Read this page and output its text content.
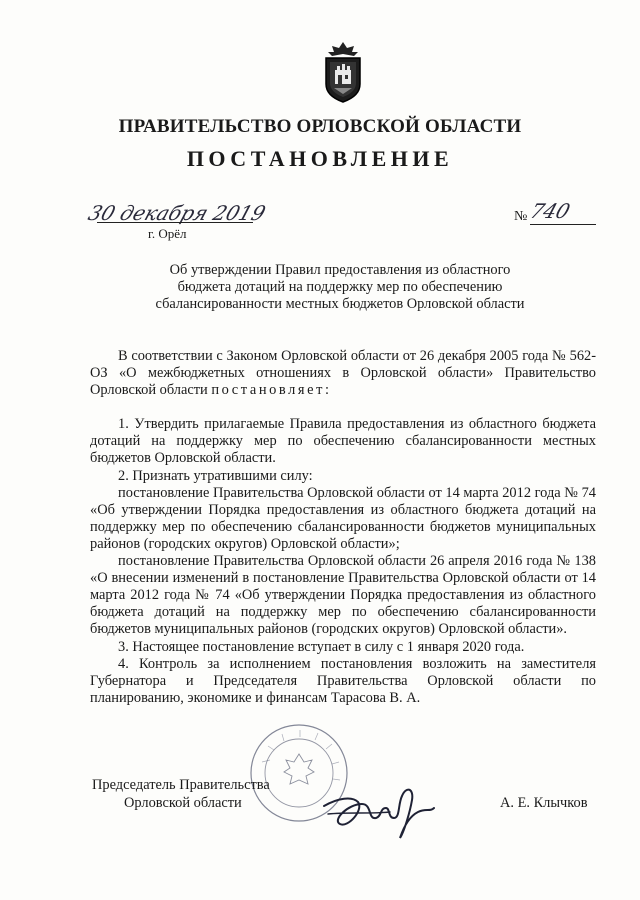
ПРАВИТЕЛЬСТВО ОРЛОВСКОЙ ОБЛАСТИ
ПОСТАНОВЛЕНИЕ
30 декабря 2019
г. Орёл
№ 740
Об утверждении Правил предоставления из областного
бюджета дотаций на поддержку мер по обеспечению
сбалансированности местных бюджетов Орловской области

В соответствии с Законом Орловской области от 26 декабря 2005 года № 562-ОЗ «О межбюджетных отношениях в Орловской области» Правительство Орловской области постановляет:

1. Утвердить прилагаемые Правила предоставления из областного бюджета дотаций на поддержку мер по обеспечению сбалансированности местных бюджетов Орловской области.

2. Признать утратившими силу:

постановление Правительства Орловской области от 14 марта 2012 года № 74 «Об утверждении Порядка предоставления из областного бюджета дотаций на поддержку мер по обеспечению сбалансированности бюджетов муниципальных районов (городских округов) Орловской области»;

постановление Правительства Орловской области 26 апреля 2016 года № 138 «О внесении изменений в постановление Правительства Орловской области от 14 марта 2012 года № 74 «Об утверждении Порядка предоставления из областного бюджета дотаций на поддержку мер по обеспечению сбалансированности бюджетов муниципальных районов (городских округов) Орловской области».

3. Настоящее постановление вступает в силу с 1 января 2020 года.

4. Контроль за исполнением постановления возложить на заместителя Губернатора и Председателя Правительства Орловской области по планированию, экономике и финансам Тарасова В. А.

Председатель Правительства
Орловской области	А. Е. Клычков
